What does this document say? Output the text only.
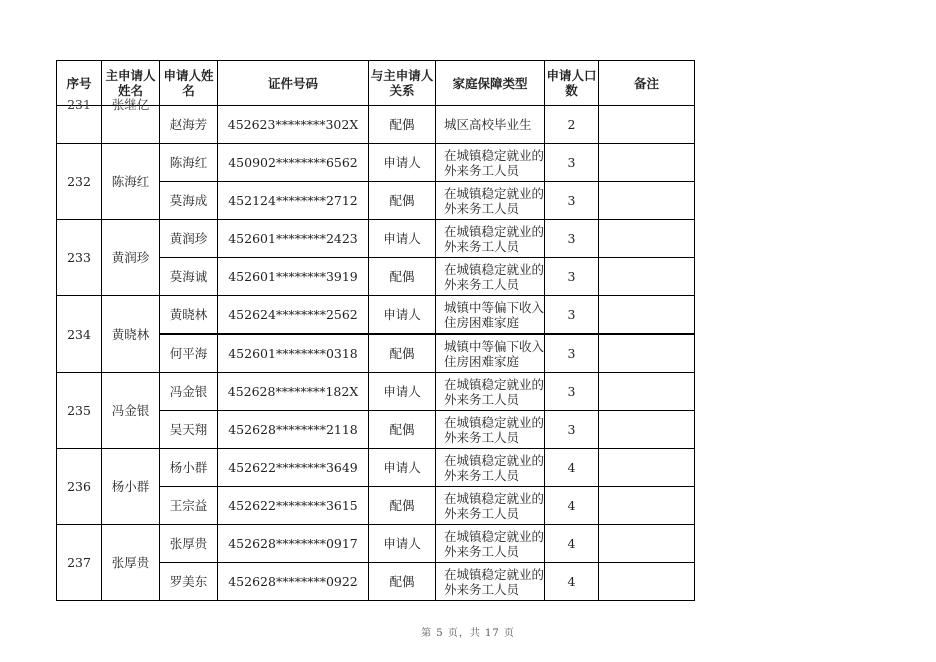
序号	主申请人姓名	申请人姓名	证件号码	与主申请人关系	家庭保障类型	申请人口数	备注

231	张继亿	赵海芳	452623********302X	配偶	城区高校毕业生	2	
232	陈海红	陈海红	450902********6562	申请人	在城镇稳定就业的外来务工人员	3	
		莫海成	452124********2712	配偶	在城镇稳定就业的外来务工人员	3	
233	黄润珍	黄润珍	452601********2423	申请人	在城镇稳定就业的外来务工人员	3	
		莫海诚	452601********3919	配偶	在城镇稳定就业的外来务工人员	3	
234	黄晓林	黄晓林	452624********2562	申请人	城镇中等偏下收入住房困难家庭	3	
		何平海	452601********0318	配偶	城镇中等偏下收入住房困难家庭	3	
235	冯金银	冯金银	452628********182X	申请人	在城镇稳定就业的外来务工人员	3	
		吴天翔	452628********2118	配偶	在城镇稳定就业的外来务工人员	3	
236	杨小群	杨小群	452622********3649	申请人	在城镇稳定就业的外来务工人员	4	
		王宗益	452622********3615	配偶	在城镇稳定就业的外来务工人员	4	
237	张厚贵	张厚贵	452628********0917	申请人	在城镇稳定就业的外来务工人员	4	
		罗美东	452628********0922	配偶	在城镇稳定就业的外来务工人员	4	
第 5 页，共 17 页
